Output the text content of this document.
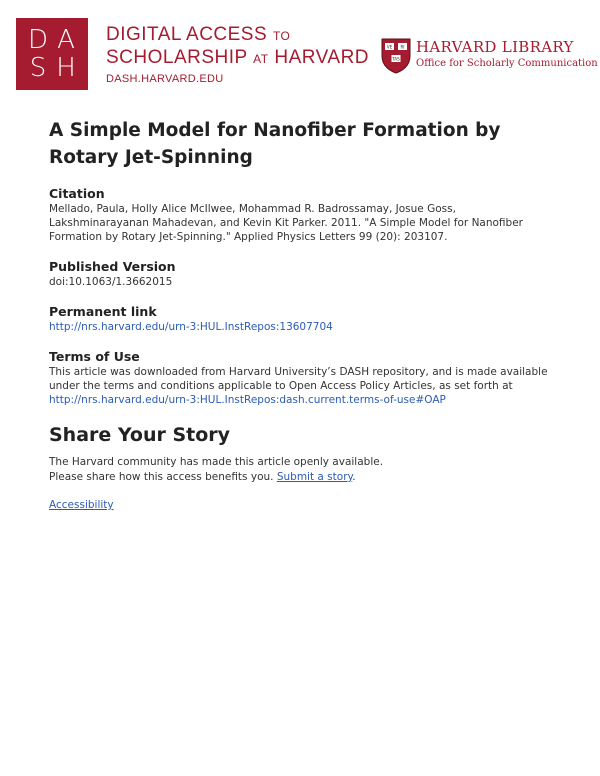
D A
S H
DIGITAL ACCESS TO
SCHOLARSHIP AT HARVARD
DASH.HARVARD.EDU
VE RI
TAS
HARVARD LIBRARY
Office for Scholarly Communication
A Simple Model for Nanofiber Formation by Rotary Jet-Spinning
Citation
Mellado, Paula, Holly Alice McIlwee, Mohammad R. Badrossamay, Josue Goss, Lakshminarayanan Mahadevan, and Kevin Kit Parker. 2011. "A Simple Model for Nanofiber Formation by Rotary Jet-Spinning." Applied Physics Letters 99 (20): 203107.
Published Version
doi:10.1063/1.3662015
Permanent link
http://nrs.harvard.edu/urn-3:HUL.InstRepos:13607704
Terms of Use
This article was downloaded from Harvard University’s DASH repository, and is made available under the terms and conditions applicable to Open Access Policy Articles, as set forth at http://nrs.harvard.edu/urn-3:HUL.InstRepos:dash.current.terms-of-use#OAP
Share Your Story
The Harvard community has made this article openly available.
Please share how this access benefits you. Submit a story.
Accessibility
